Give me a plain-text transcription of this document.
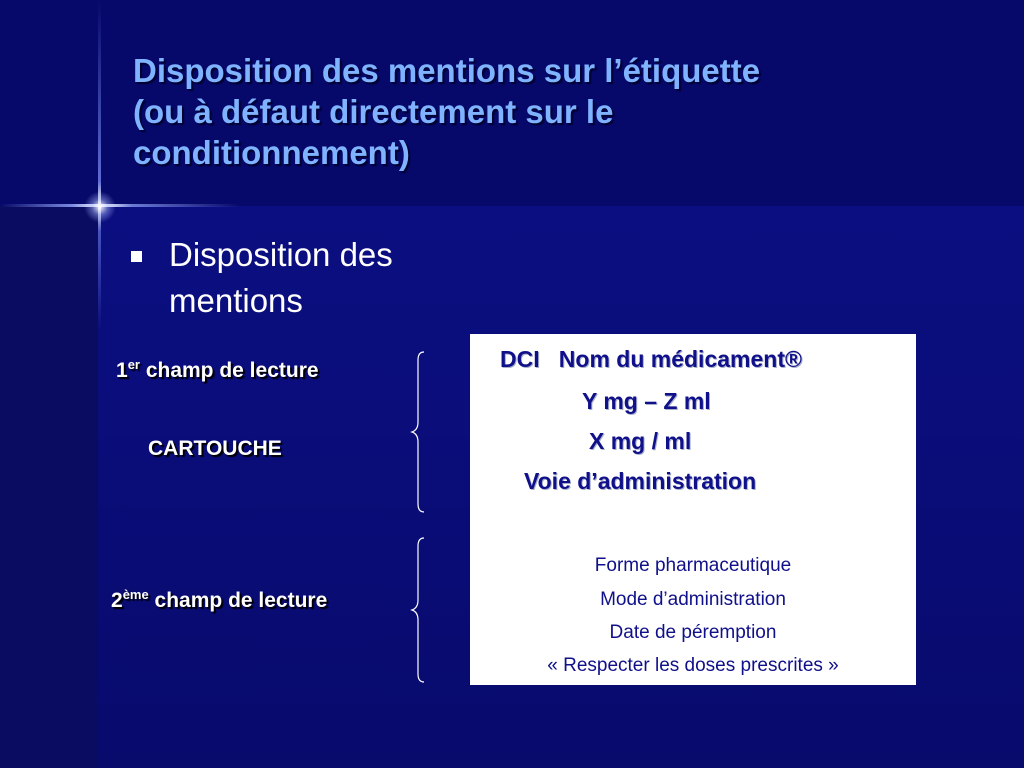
Disposition des mentions sur l’étiquette
(ou à défaut directement sur le
conditionnement)
Disposition des
mentions
1er champ de lecture
CARTOUCHE
2ème champ de lecture
DCI   Nom du médicament®
Y mg – Z ml
X mg / ml
Voie d’administration
Forme pharmaceutique
Mode d’administration
Date de péremption
« Respecter les doses prescrites »
